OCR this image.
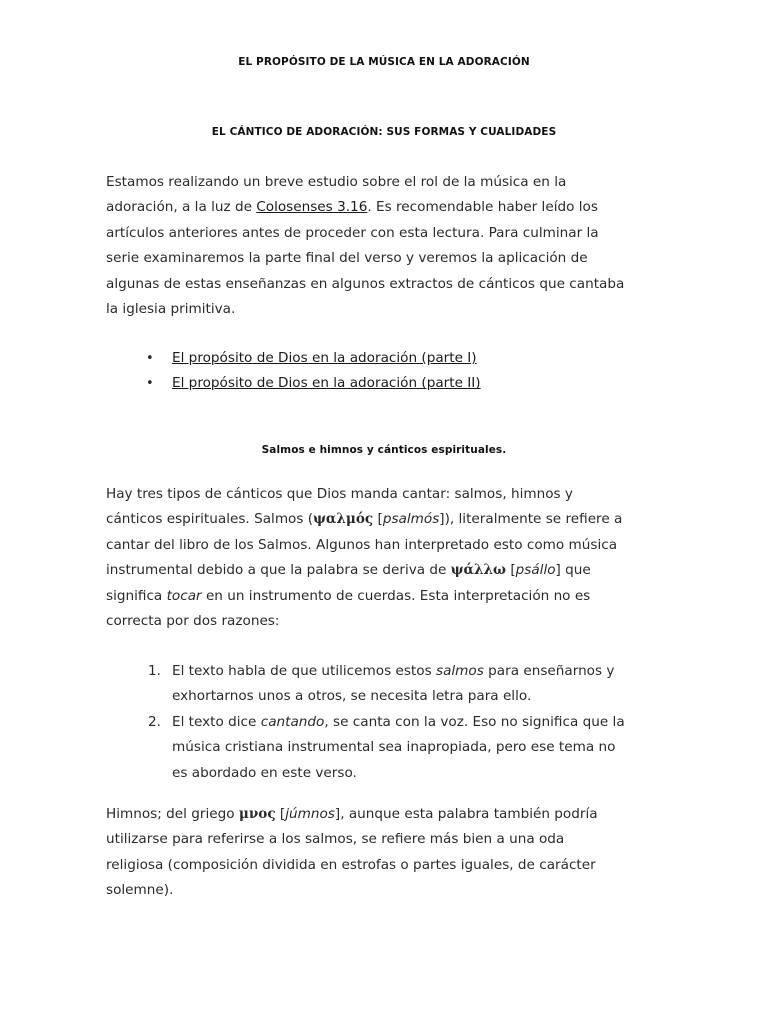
EL PROPÓSITO DE LA MÚSICA EN LA ADORACIÓN
EL CÁNTICO DE ADORACIÓN: SUS FORMAS Y CUALIDADES

Estamos realizando un breve estudio sobre el rol de la música en la
adoración, a la luz de Colosenses 3.16. Es recomendable haber leído los
artículos anteriores antes de proceder con esta lectura. Para culminar la
serie examinaremos la parte final del verso y veremos la aplicación de
algunas de estas enseñanzas en algunos extractos de cánticos que cantaba
la iglesia primitiva.

• El propósito de Dios en la adoración (parte I)
• El propósito de Dios en la adoración (parte II)
Salmos e himnos y cánticos espirituales.

Hay tres tipos de cánticos que Dios manda cantar: salmos, himnos y
cánticos espirituales. Salmos (ψαλμός [psalmós]), literalmente se refiere a
cantar del libro de los Salmos. Algunos han interpretado esto como música
instrumental debido a que la palabra se deriva de ψάλλω [psállo] que
significa tocar en un instrumento de cuerdas. Esta interpretación no es
correcta por dos razones:

1. El texto habla de que utilicemos estos salmos para enseñarnos y
exhortarnos unos a otros, se necesita letra para ello.
2. El texto dice cantando, se canta con la voz. Eso no significa que la
música cristiana instrumental sea inapropiada, pero ese tema no
es abordado en este verso.

Himnos; del griego μνος [júmnos], aunque esta palabra también podría
utilizarse para referirse a los salmos, se refiere más bien a una oda
religiosa (composición dividida en estrofas o partes iguales, de carácter
solemne).
